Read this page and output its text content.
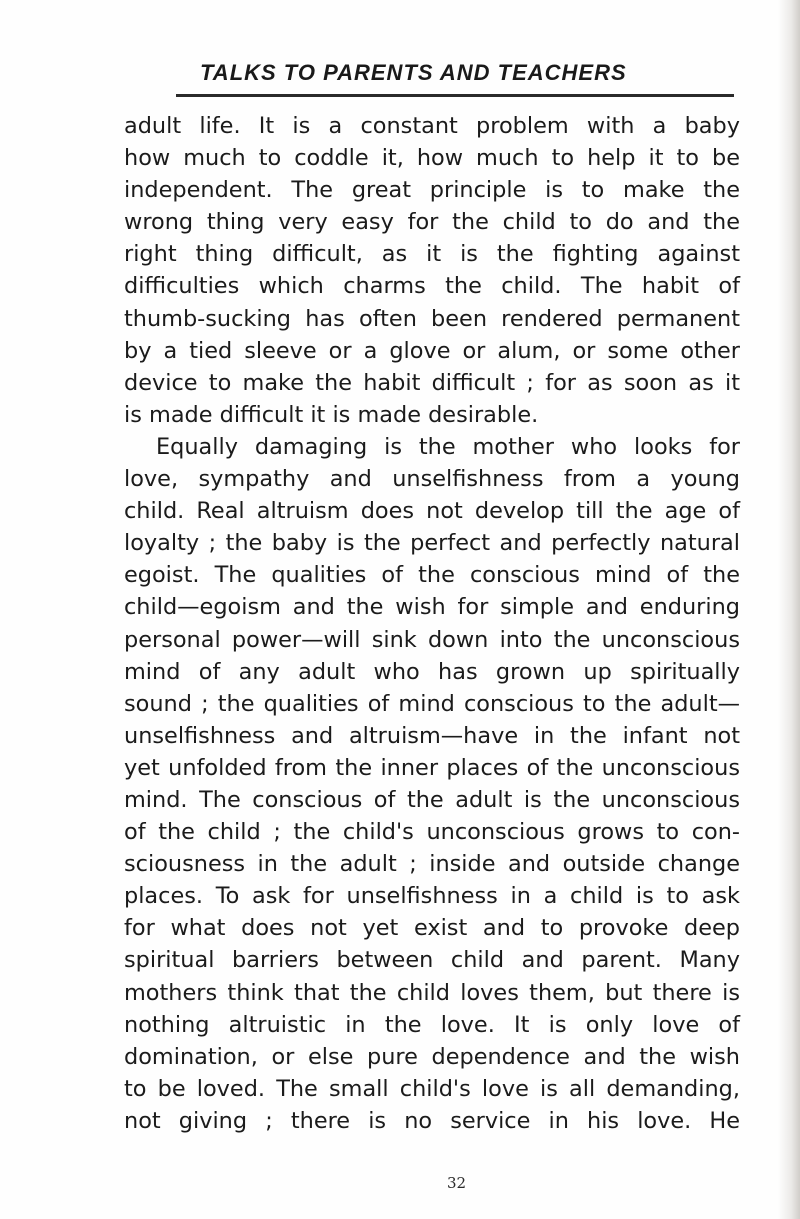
TALKS TO PARENTS AND TEACHERS
adult life. It is a constant problem with a baby
how much to coddle it, how much to help it to be
independent. The great principle is to make the
wrong thing very easy for the child to do and the
right thing difficult, as it is the fighting against
difficulties which charms the child. The habit of
thumb-sucking has often been rendered permanent
by a tied sleeve or a glove or alum, or some other
device to make the habit difficult ; for as soon as it
is made difficult it is made desirable.
Equally damaging is the mother who looks for
love, sympathy and unselfishness from a young
child. Real altruism does not develop till the age of
loyalty ; the baby is the perfect and perfectly natural
egoist. The qualities of the conscious mind of the
child—egoism and the wish for simple and enduring
personal power—will sink down into the unconscious
mind of any adult who has grown up spiritually
sound ; the qualities of mind conscious to the adult—
unselfishness and altruism—have in the infant not
yet unfolded from the inner places of the unconscious
mind. The conscious of the adult is the unconscious
of the child ; the child's unconscious grows to con-
sciousness in the adult ; inside and outside change
places. To ask for unselfishness in a child is to ask
for what does not yet exist and to provoke deep
spiritual barriers between child and parent. Many
mothers think that the child loves them, but there is
nothing altruistic in the love. It is only love of
domination, or else pure dependence and the wish
to be loved. The small child's love is all demanding,
not giving ; there is no service in his love. He
32
